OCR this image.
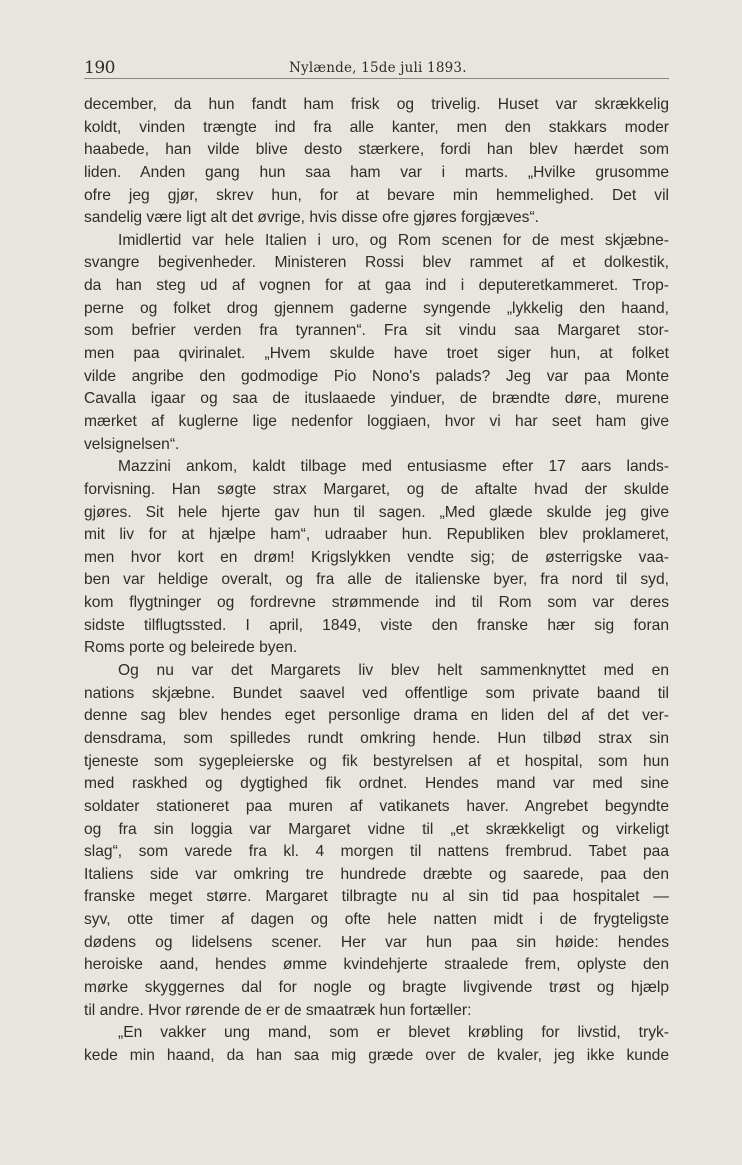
190	Nylænde, 15de juli 1893.
december, da hun fandt ham frisk og trivelig. Huset var skrækkelig
koldt, vinden trængte ind fra alle kanter, men den stakkars moder
haabede, han vilde blive desto stærkere, fordi han blev hærdet som
liden. Anden gang hun saa ham var i marts. „Hvilke grusomme
ofre jeg gjør, skrev hun, for at bevare min hemmelighed. Det vil
sandelig være ligt alt det øvrige, hvis disse ofre gjøres forgjæves“.
Imidlertid var hele Italien i uro, og Rom scenen for de mest skjæbne-
svangre begivenheder. Ministeren Rossi blev rammet af et dolkestik,
da han steg ud af vognen for at gaa ind i deputeretkammeret. Trop-
perne og folket drog gjennem gaderne syngende „lykkelig den haand,
som befrier verden fra tyrannen“. Fra sit vindu saa Margaret stor-
men paa qvirinalet. „Hvem skulde have troet siger hun, at folket
vilde angribe den godmodige Pio Nono's palads? Jeg var paa Monte
Cavalla igaar og saa de ituslaaede yinduer, de brændte døre, murene
mærket af kuglerne lige nedenfor loggiaen, hvor vi har seet ham give
velsignelsen“.
Mazzini ankom, kaldt tilbage med entusiasme efter 17 aars lands-
forvisning. Han søgte strax Margaret, og de aftalte hvad der skulde
gjøres. Sit hele hjerte gav hun til sagen. „Med glæde skulde jeg give
mit liv for at hjælpe ham“, udraaber hun. Republiken blev proklameret,
men hvor kort en drøm! Krigslykken vendte sig; de østerrigske vaa-
ben var heldige overalt, og fra alle de italienske byer, fra nord til syd,
kom flygtninger og fordrevne strømmende ind til Rom som var deres
sidste tilflugtssted. I april, 1849, viste den franske hær sig foran
Roms porte og beleirede byen.
Og nu var det Margarets liv blev helt sammenknyttet med en
nations skjæbne. Bundet saavel ved offentlige som private baand til
denne sag blev hendes eget personlige drama en liden del af det ver-
densdrama, som spilledes rundt omkring hende. Hun tilbød strax sin
tjeneste som sygepleierske og fik bestyrelsen af et hospital, som hun
med raskhed og dygtighed fik ordnet. Hendes mand var med sine
soldater stationeret paa muren af vatikanets haver. Angrebet begyndte
og fra sin loggia var Margaret vidne til „et skrækkeligt og virkeligt
slag“, som varede fra kl. 4 morgen til nattens frembrud. Tabet paa
Italiens side var omkring tre hundrede dræbte og saarede, paa den
franske meget større. Margaret tilbragte nu al sin tid paa hospitalet —
syv, otte timer af dagen og ofte hele natten midt i de frygteligste
dødens og lidelsens scener. Her var hun paa sin høide: hendes
heroiske aand, hendes ømme kvindehjerte straalede frem, oplyste den
mørke skyggernes dal for nogle og bragte livgivende trøst og hjælp
til andre. Hvor rørende de er de smaatræk hun fortæller:
„En vakker ung mand, som er blevet krøbling for livstid, tryk-
kede min haand, da han saa mig græde over de kvaler, jeg ikke kunde
